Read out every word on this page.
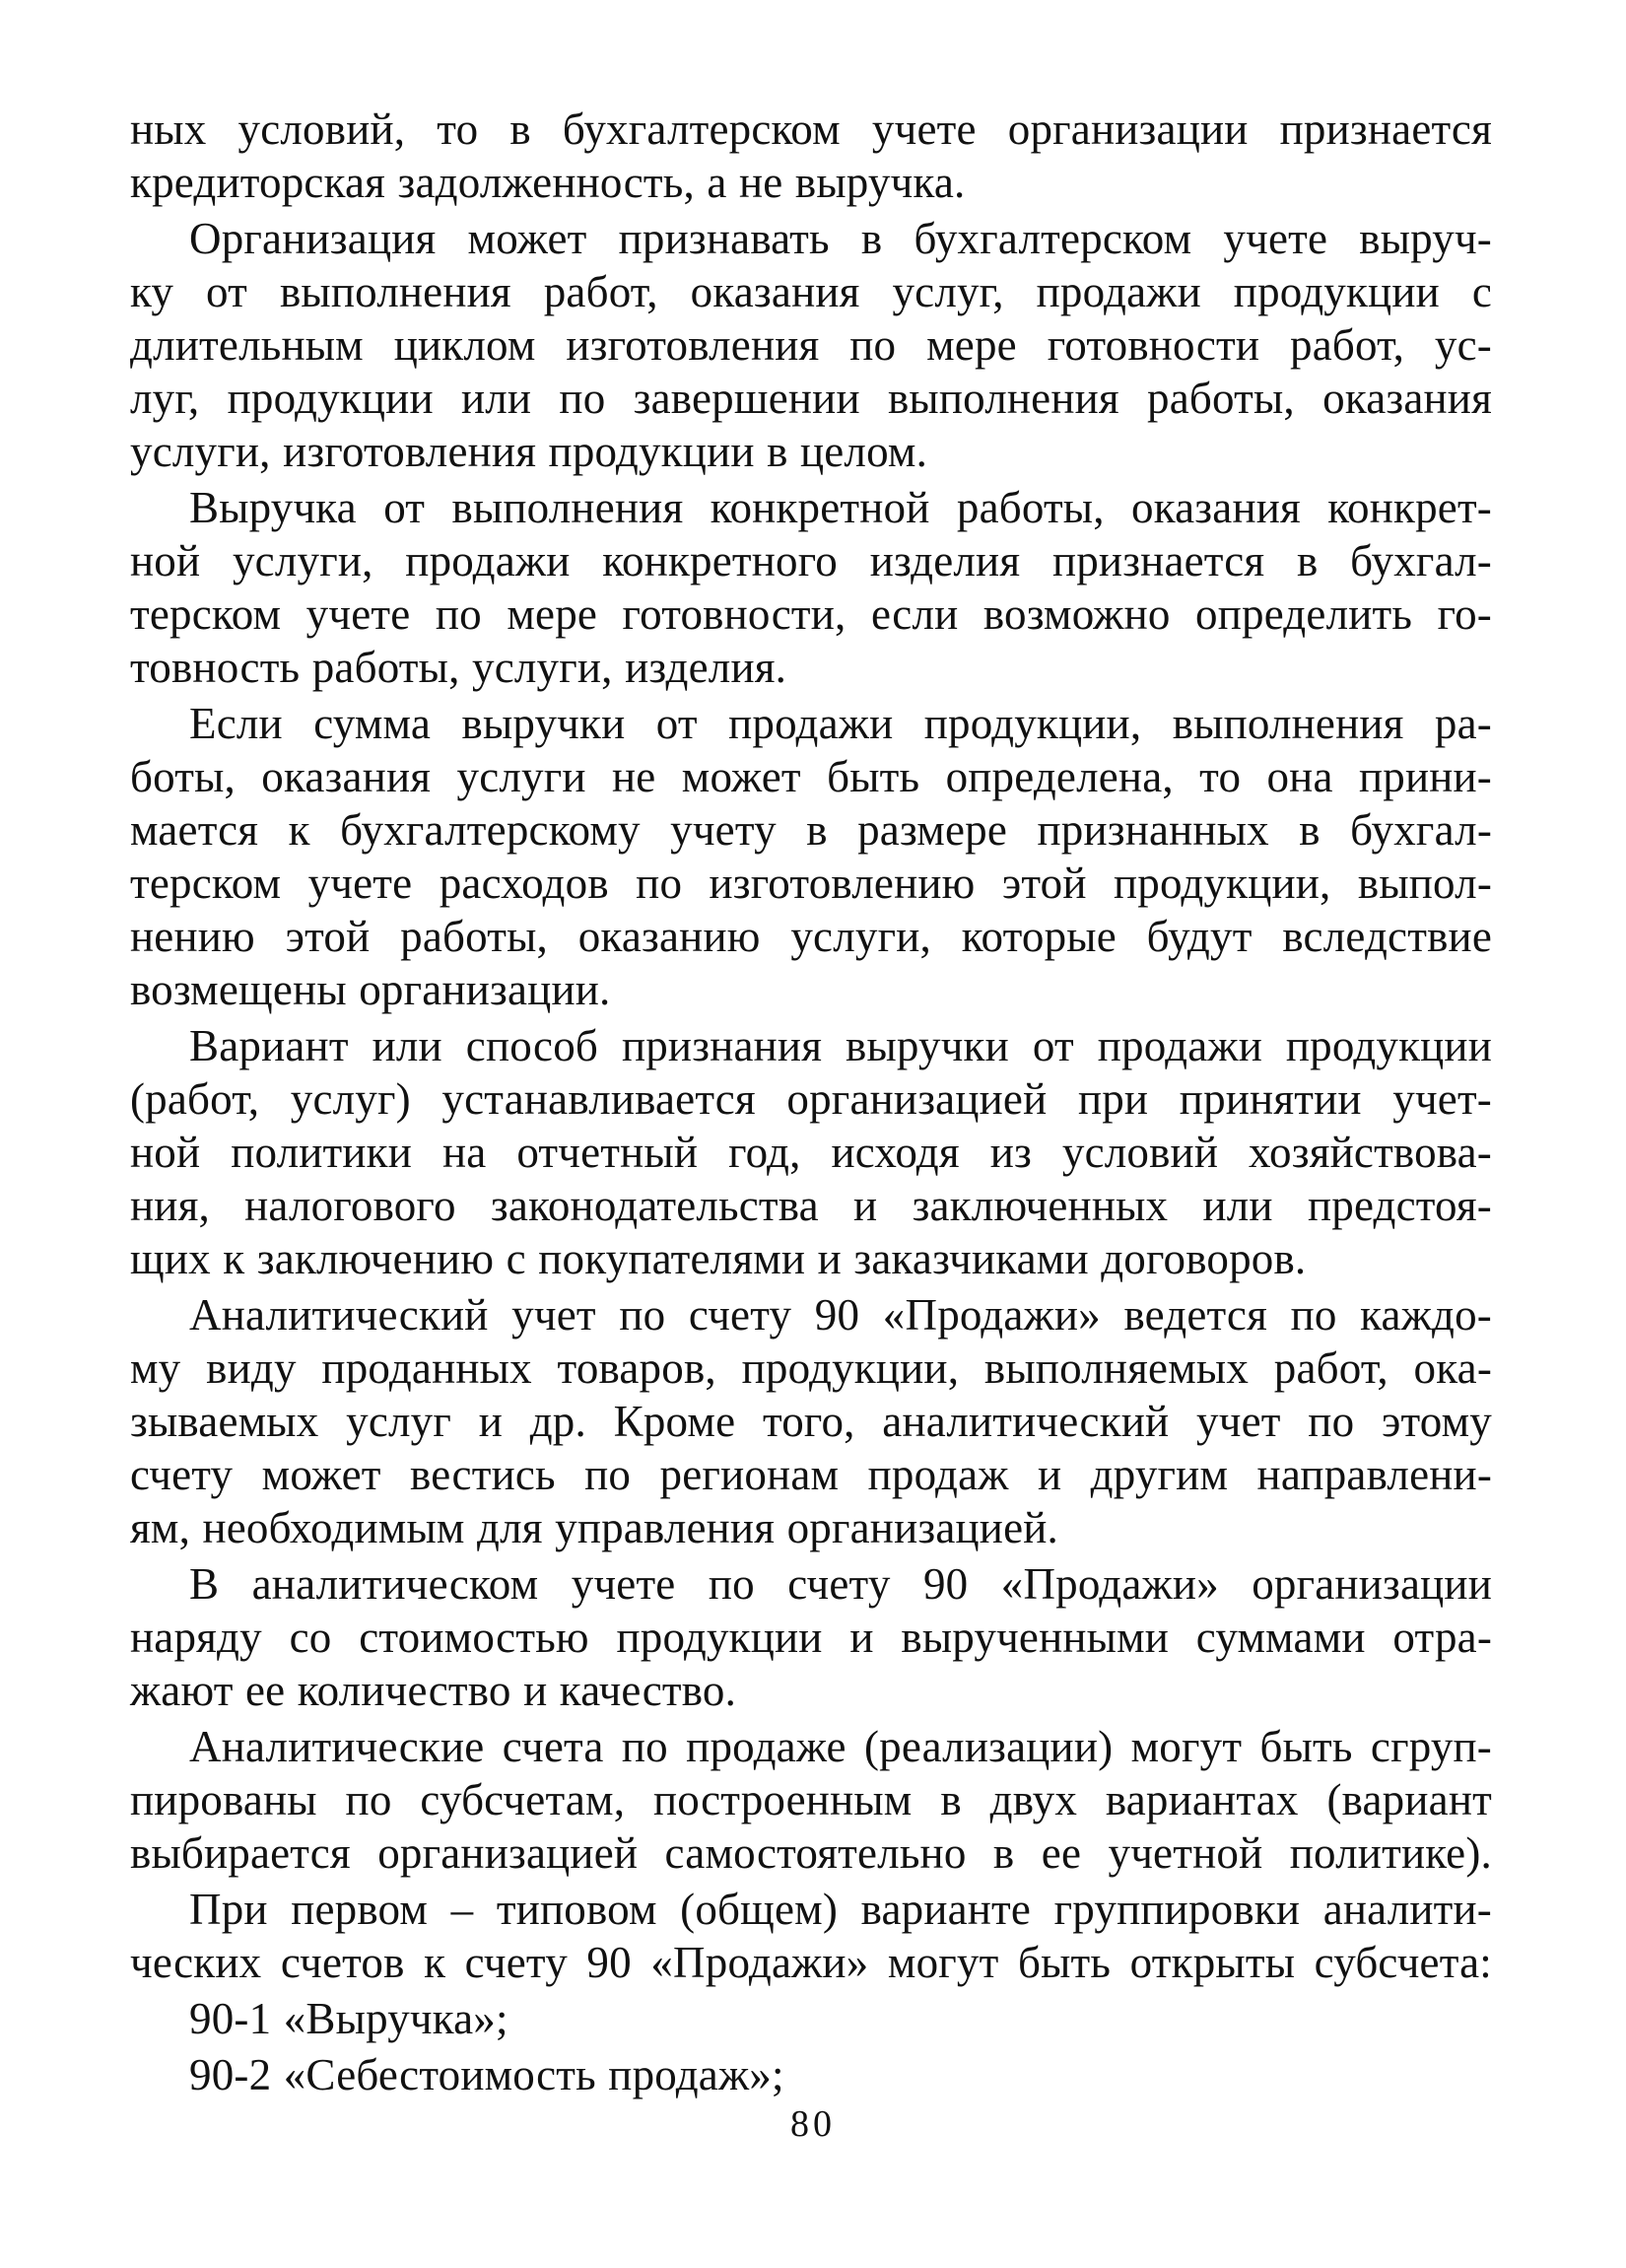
ных условий, то в бухгалтерском учете организации признается
кредиторская задолженность, а не выручка.
Организация может признавать в бухгалтерском учете выруч-
ку от выполнения работ, оказания услуг, продажи продукции с
длительным циклом изготовления по мере готовности работ, ус-
луг, продукции или по завершении выполнения работы, оказания
услуги, изготовления продукции в целом.
Выручка от выполнения конкретной работы, оказания конкрет-
ной услуги, продажи конкретного изделия признается в бухгал-
терском учете по мере готовности, если возможно определить го-
товность работы, услуги, изделия.
Если сумма выручки от продажи продукции, выполнения ра-
боты, оказания услуги не может быть определена, то она прини-
мается к бухгалтерскому учету в размере признанных в бухгал-
терском учете расходов по изготовлению этой продукции, выпол-
нению этой работы, оказанию услуги, которые будут вследствие
возмещены организации.
Вариант или способ признания выручки от продажи продукции
(работ, услуг) устанавливается организацией при принятии учет-
ной политики на отчетный год, исходя из условий хозяйствова-
ния, налогового законодательства и заключенных или предстоя-
щих к заключению с покупателями и заказчиками договоров.
Аналитический учет по счету 90 «Продажи» ведется по каждо-
му виду проданных товаров, продукции, выполняемых работ, ока-
зываемых услуг и др. Кроме того, аналитический учет по этому
счету может вестись по регионам продаж и другим направлени-
ям, необходимым для управления организацией.
В аналитическом учете по счету 90 «Продажи» организации
наряду со стоимостью продукции и вырученными суммами отра-
жают ее количество и качество.
Аналитические счета по продаже (реализации) могут быть сгруп-
пированы по субсчетам, построенным в двух вариантах (вариант
выбирается организацией самостоятельно в ее учетной политике).
При первом – типовом (общем) варианте группировки аналити-
ческих счетов к счету 90 «Продажи» могут быть открыты субсчета:
90-1 «Выручка»;
90-2 «Себестоимость продаж»;
80
